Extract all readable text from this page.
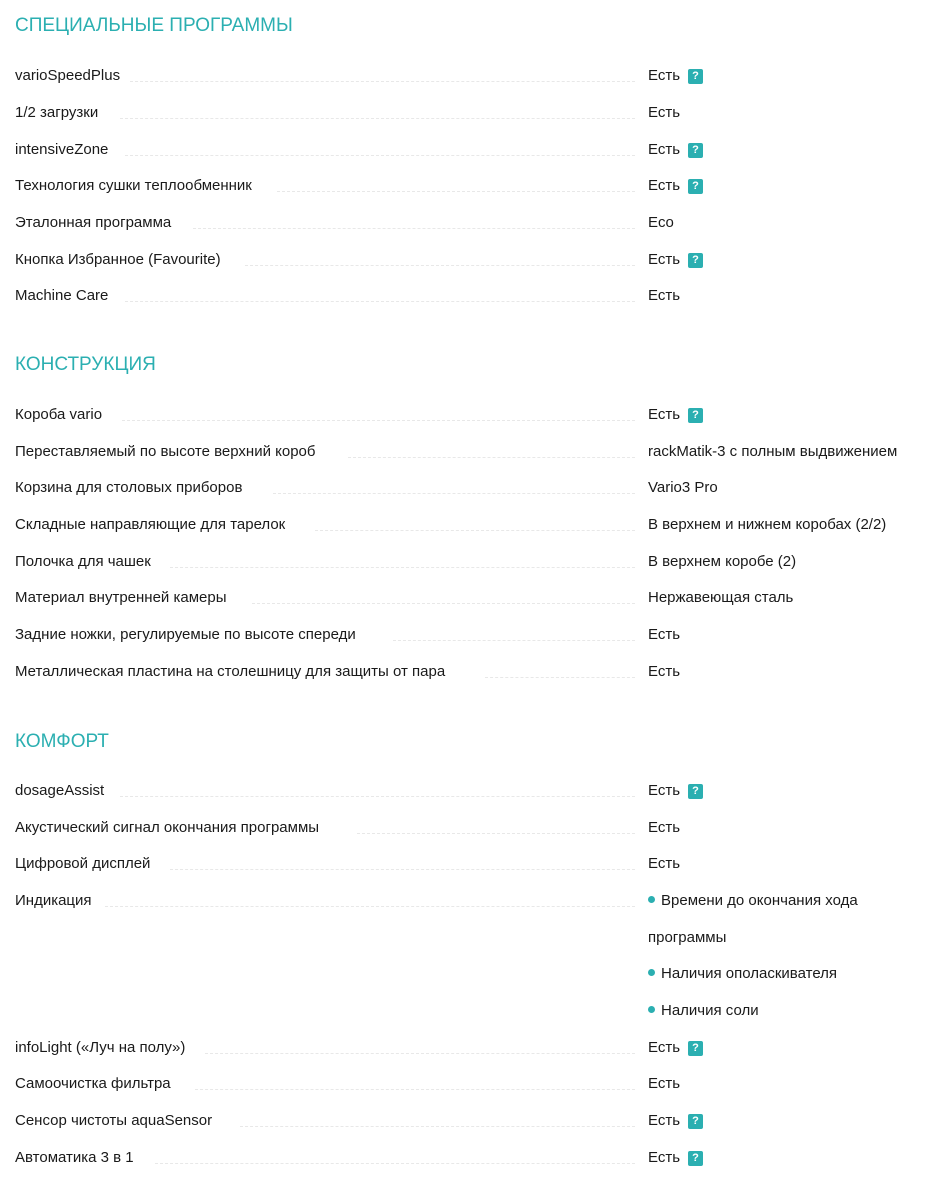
СПЕЦИАЛЬНЫЕ ПРОГРАММЫ
varioSpeedPlus	Есть ?
1/2 загрузки	Есть
intensiveZone	Есть ?
Технология сушки теплообменник	Есть ?
Эталонная программа	Eco
Кнопка Избранное (Favourite)	Есть ?
Machine Care	Есть
КОНСТРУКЦИЯ
Короба vario	Есть ?
Переставляемый по высоте верхний короб	rackMatik-3 с полным выдвижением
Корзина для столовых приборов	Vario3 Pro
Складные направляющие для тарелок	В верхнем и нижнем коробах (2/2)
Полочка для чашек	В верхнем коробе (2)
Материал внутренней камеры	Нержавеющая сталь
Задние ножки, регулируемые по высоте спереди	Есть
Металлическая пластина на столешницу для защиты от пара	Есть
КОМФОРТ
dosageAssist	Есть ?
Акустический сигнал окончания программы	Есть
Цифровой дисплей	Есть
Индикация	Времени до окончания хода
программы
Наличия ополаскивателя
Наличия соли
infoLight («Луч на полу»)	Есть ?
Самоочистка фильтра	Есть
Сенсор чистоты aquaSensor	Есть ?
Автоматика 3 в 1	Есть ?
